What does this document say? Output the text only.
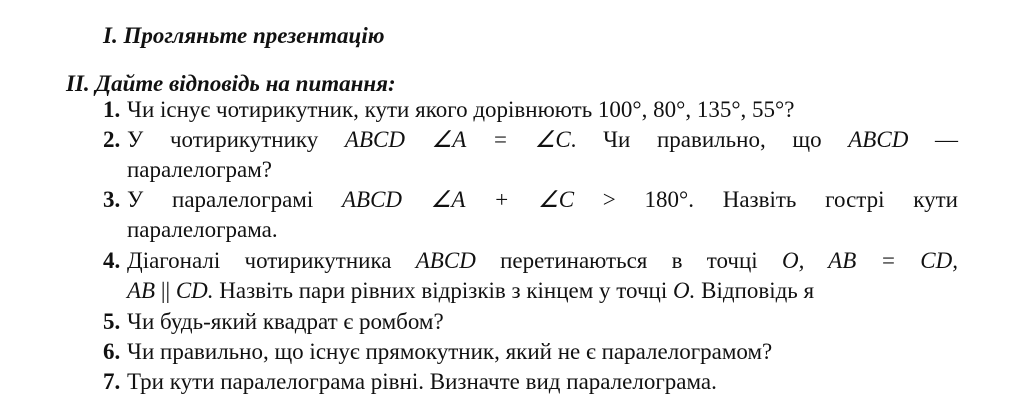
I. Прогляньте презентацію
II. Дайте відповідь на питання:
1. Чи існує чотирикутник, кути якого дорівнюють 100°, 80°, 135°, 55°?
2. У чотирикутнику ABCD ∠A = ∠C. Чи правильно, що ABCD —
паралелограм?
3. У паралелограмі ABCD ∠A + ∠C > 180°. Назвіть гострі кути
паралелограма.
4. Діагоналі чотирикутника ABCD перетинаються в точці O, AB = CD,
AB || CD. Назвіть пари рівних відрізків з кінцем у точці O. Відповідь я
5. Чи будь-який квадрат є ромбом?
6. Чи правильно, що існує прямокутник, який не є паралелограмом?
7. Три кути паралелограма рівні. Визначте вид паралелограма.
